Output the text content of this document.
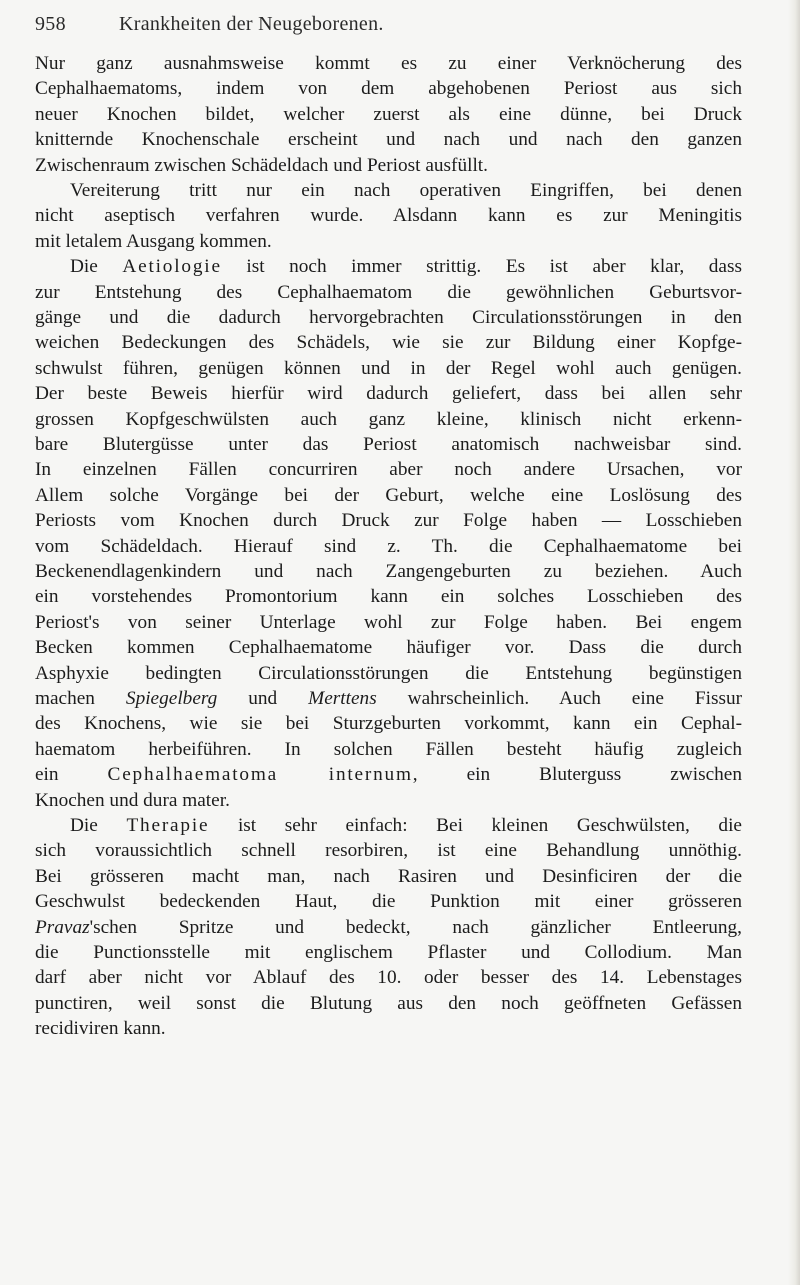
958	Krankheiten der Neugeborenen.
Nur ganz ausnahmsweise kommt es zu einer Verknöcherung des
Cephalhaematoms, indem von dem abgehobenen Periost aus sich
neuer Knochen bildet, welcher zuerst als eine dünne, bei Druck
knitternde Knochenschale erscheint und nach und nach den ganzen
Zwischenraum zwischen Schädeldach und Periost ausfüllt.
Vereiterung tritt nur ein nach operativen Eingriffen, bei denen
nicht aseptisch verfahren wurde. Alsdann kann es zur Meningitis
mit letalem Ausgang kommen.
Die Aetiologie ist noch immer strittig. Es ist aber klar, dass
zur Entstehung des Cephalhaematom die gewöhnlichen Geburtsvor-
gänge und die dadurch hervorgebrachten Circulationsstörungen in den
weichen Bedeckungen des Schädels, wie sie zur Bildung einer Kopfge-
schwulst führen, genügen können und in der Regel wohl auch genügen.
Der beste Beweis hierfür wird dadurch geliefert, dass bei allen sehr
grossen Kopfgeschwülsten auch ganz kleine, klinisch nicht erkenn-
bare Blutergüsse unter das Periost anatomisch nachweisbar sind.
In einzelnen Fällen concurriren aber noch andere Ursachen, vor
Allem solche Vorgänge bei der Geburt, welche eine Loslösung des
Periosts vom Knochen durch Druck zur Folge haben — Losschieben
vom Schädeldach. Hierauf sind z. Th. die Cephalhaematome bei
Beckenendlagenkindern und nach Zangengeburten zu beziehen. Auch
ein vorstehendes Promontorium kann ein solches Losschieben des
Periost's von seiner Unterlage wohl zur Folge haben. Bei engem
Becken kommen Cephalhaematome häufiger vor. Dass die durch
Asphyxie bedingten Circulationsstörungen die Entstehung begünstigen
machen Spiegelberg und Merttens wahrscheinlich. Auch eine Fissur
des Knochens, wie sie bei Sturzgeburten vorkommt, kann ein Cephal-
haematom herbeiführen. In solchen Fällen besteht häufig zugleich
ein Cephalhaematoma internum, ein Bluterguss zwischen
Knochen und dura mater.
Die Therapie ist sehr einfach: Bei kleinen Geschwülsten, die
sich voraussichtlich schnell resorbiren, ist eine Behandlung unnöthig.
Bei grösseren macht man, nach Rasiren und Desinficiren der die
Geschwulst bedeckenden Haut, die Punktion mit einer grösseren
Pravaz'schen Spritze und bedeckt, nach gänzlicher Entleerung,
die Punctionsstelle mit englischem Pflaster und Collodium. Man
darf aber nicht vor Ablauf des 10. oder besser des 14. Lebenstages
punctiren, weil sonst die Blutung aus den noch geöffneten Gefässen
recidiviren kann.
